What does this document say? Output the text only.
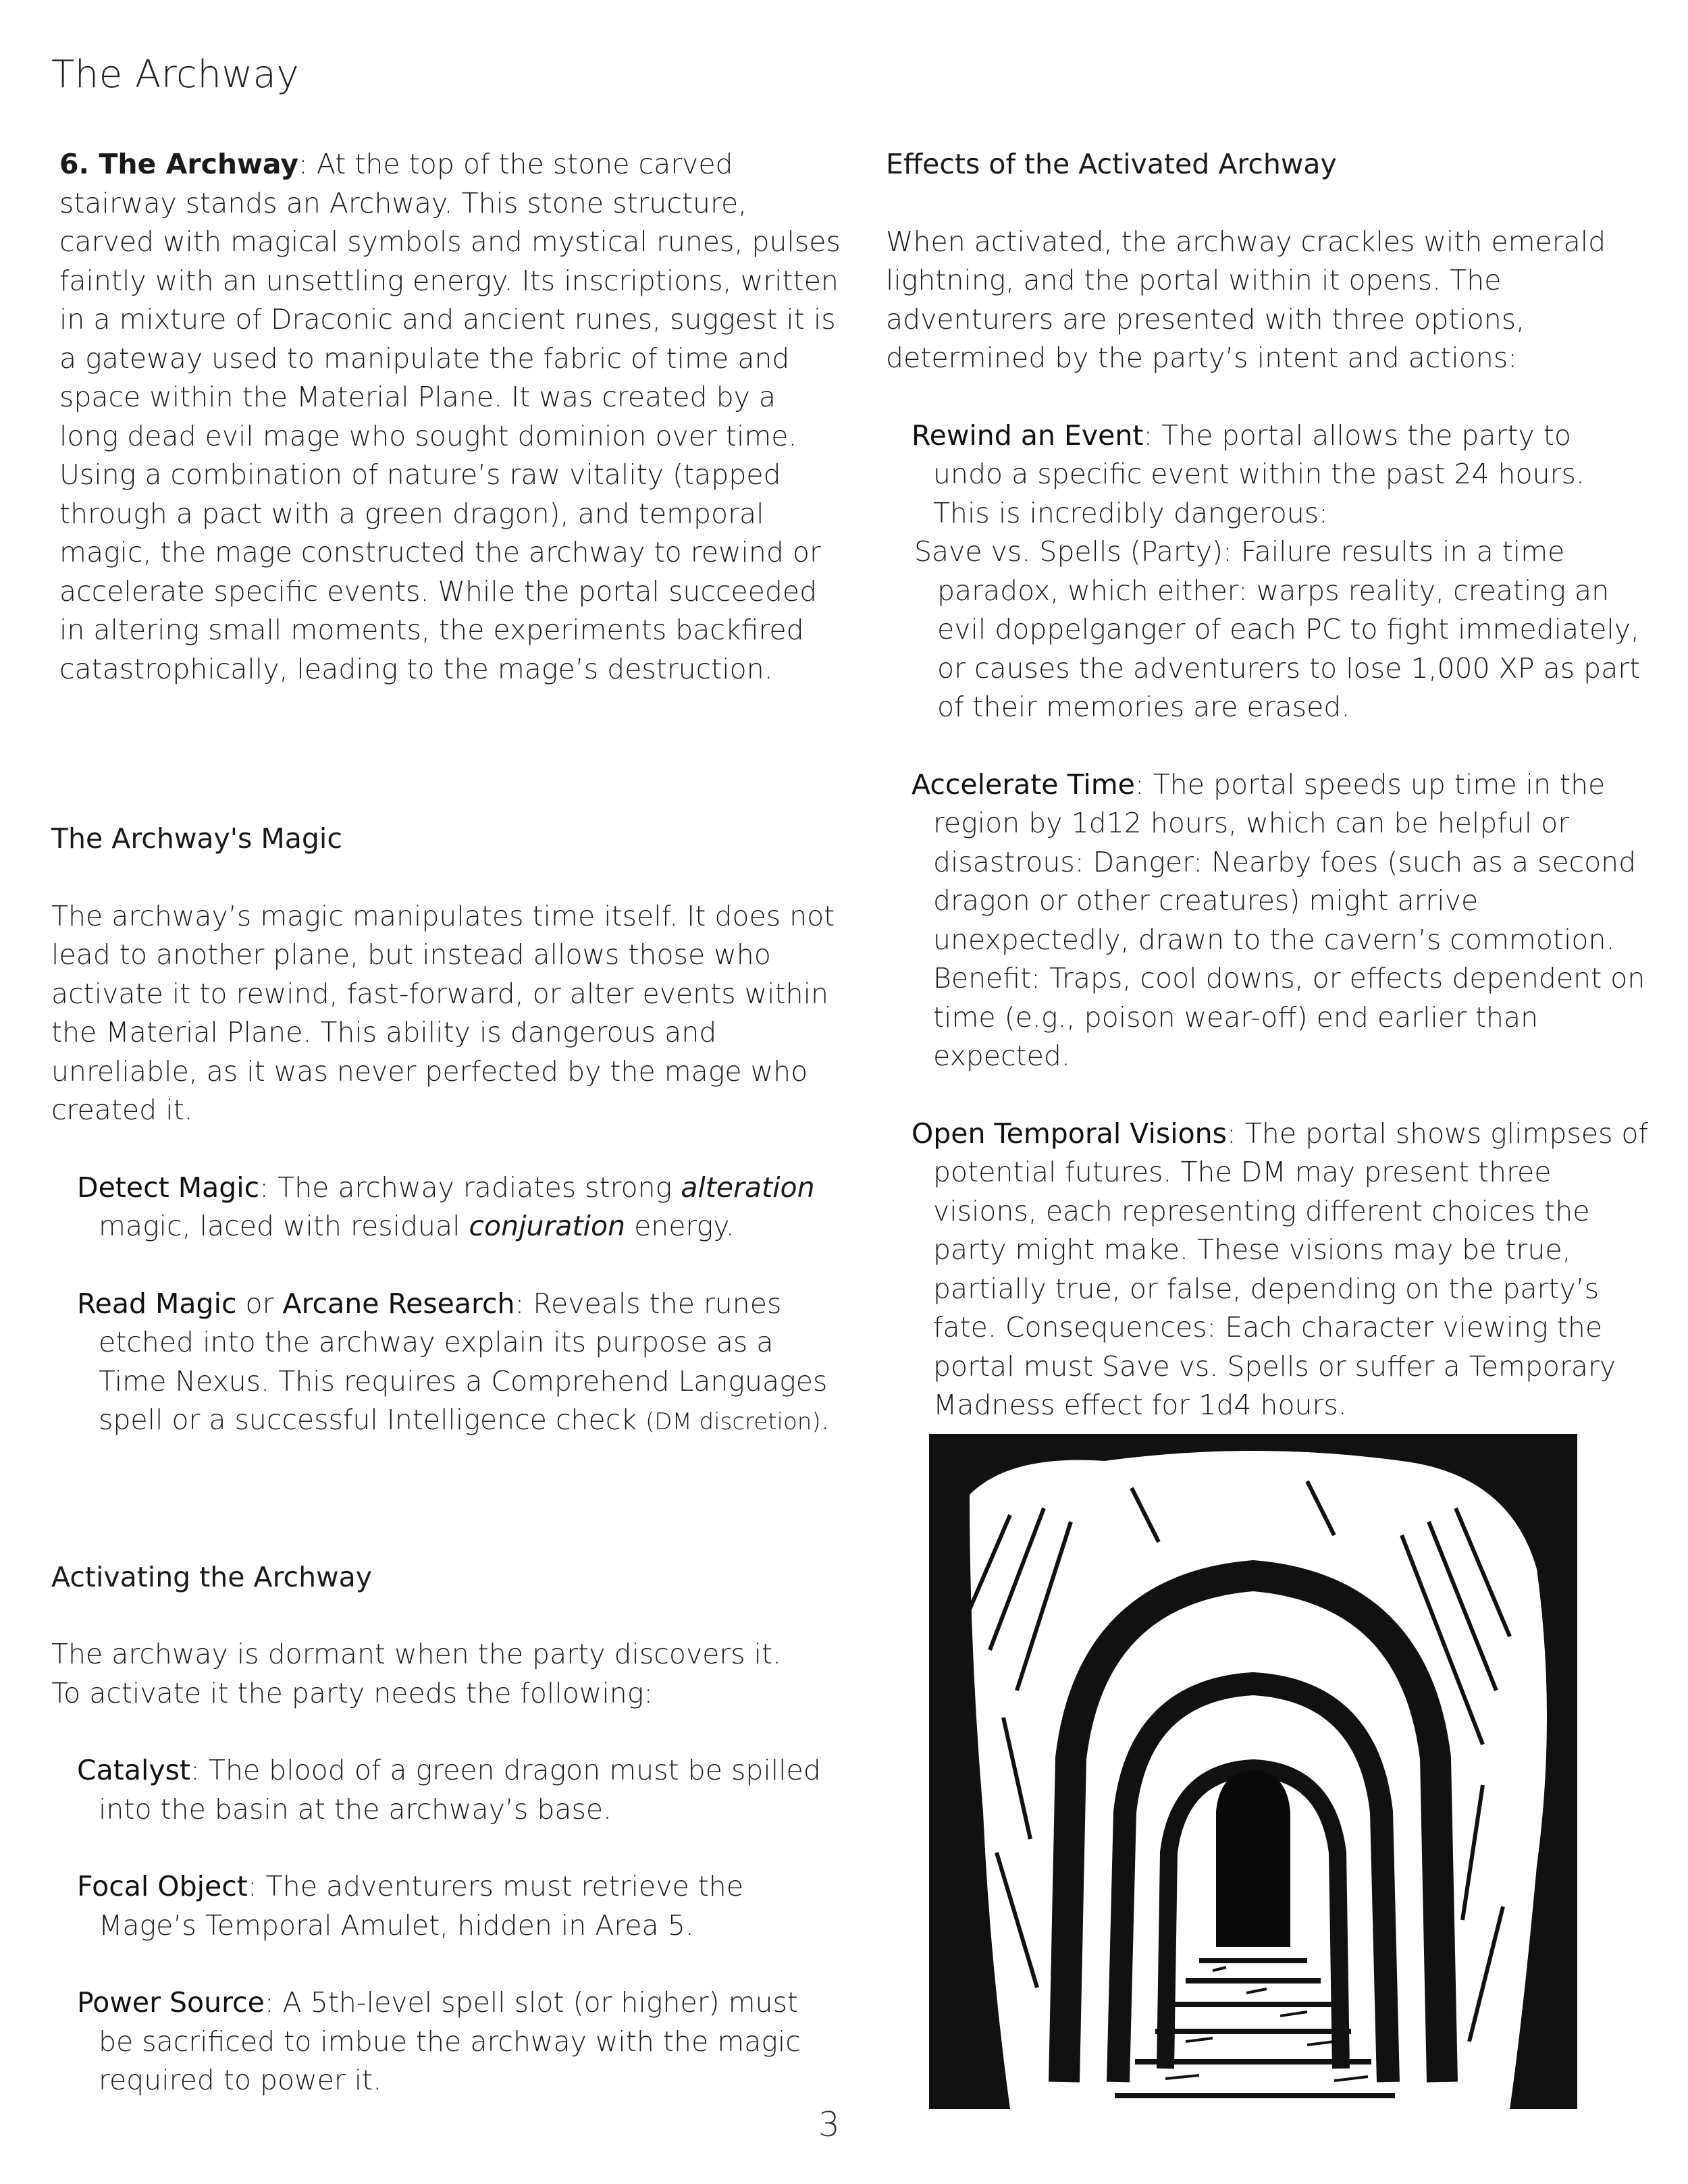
The Archway

6. The Archway: At the top of the stone carved stairway stands an Archway. This stone structure, carved with magical symbols and mystical runes, pulses faintly with an unsettling energy. Its inscriptions, written in a mixture of Draconic and ancient runes, suggest it is a gateway used to manipulate the fabric of time and space within the Material Plane. It was created by a long dead evil mage who sought dominion over time. Using a combination of nature’s raw vitality (tapped through a pact with a green dragon), and temporal magic, the mage constructed the archway to rewind or accelerate specific events. While the portal succeeded in altering small moments, the experiments backfired catastrophically, leading to the mage’s destruction.

The Archway's Magic

The archway’s magic manipulates time itself. It does not lead to another plane, but instead allows those who activate it to rewind, fast-forward, or alter events within the Material Plane. This ability is dangerous and unreliable, as it was never perfected by the mage who created it.

Detect Magic: The archway radiates strong alteration magic, laced with residual conjuration energy.

Read Magic or Arcane Research: Reveals the runes etched into the archway explain its purpose as a Time Nexus. This requires a Comprehend Languages spell or a successful Intelligence check (DM discretion).

Activating the Archway

The archway is dormant when the party discovers it.

To activate it the party needs the following:

Catalyst: The blood of a green dragon must be spilled into the basin at the archway’s base.

Focal Object: The adventurers must retrieve the Mage’s Temporal Amulet, hidden in Area 5.

Power Source: A 5th-level spell slot (or higher) must be sacrificed to imbue the archway with the magic required to power it.

Effects of the Activated Archway

When activated, the archway crackles with emerald lightning, and the portal within it opens. The adventurers are presented with three options, determined by the party’s intent and actions:

Rewind an Event: The portal allows the party to undo a specific event within the past 24 hours. This is incredibly dangerous:

Save vs. Spells (Party): Failure results in a time paradox, which either: warps reality, creating an evil doppelganger of each PC to fight immediately, or causes the adventurers to lose 1,000 XP as part of their memories are erased.

Accelerate Time: The portal speeds up time in the region by 1d12 hours, which can be helpful or disastrous: Danger: Nearby foes (such as a second dragon or other creatures) might arrive unexpectedly, drawn to the cavern’s commotion. Benefit: Traps, cool downs, or effects dependent on time (e.g., poison wear-off) end earlier than expected.

Open Temporal Visions: The portal shows glimpses of potential futures. The DM may present three visions, each representing different choices the party might make. These visions may be true, partially true, or false, depending on the party’s fate. Consequences: Each character viewing the portal must Save vs. Spells or suffer a Temporary Madness effect for 1d4 hours.

3
